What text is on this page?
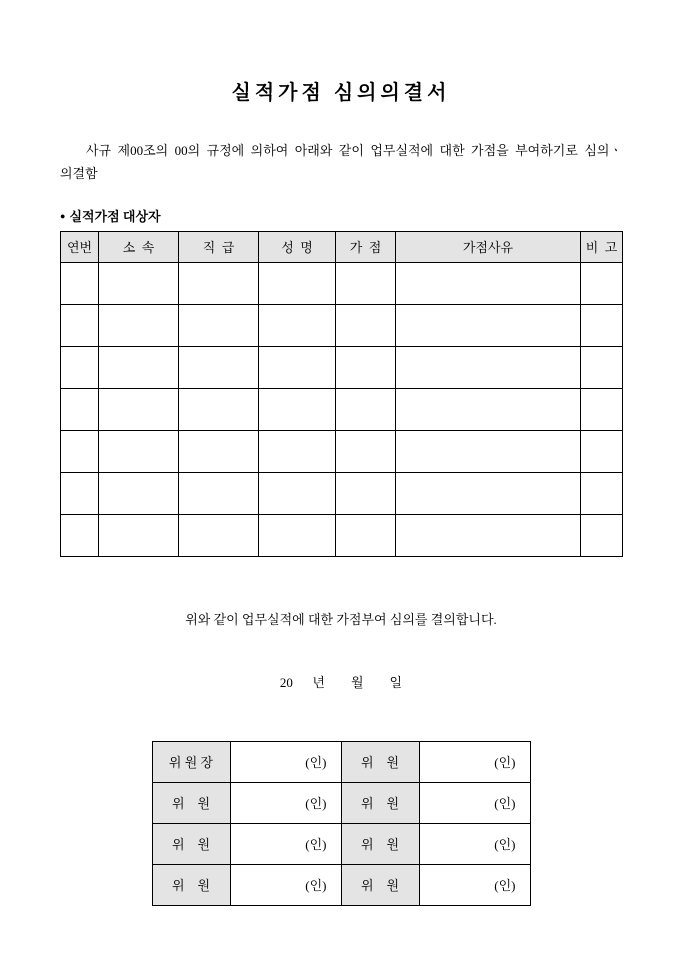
실적가점 심의의결서
사규 제00조의 00의 규정에 의하여 아래와 같이 업무실적에 대한 가점을 부여하기로 심의ㆍ
의결함
● 실적가점 대상자
연번	소  속	직  급	성  명	가  점	가점사유	비  고

위와 같이 업무실적에 대한 가점부여 심의를 결의합니다.

20      년        월        일

위 원 장	(인)	위    원	(인)
위    원	(인)	위    원	(인)
위    원	(인)	위    원	(인)
위    원	(인)	위    원	(인)
